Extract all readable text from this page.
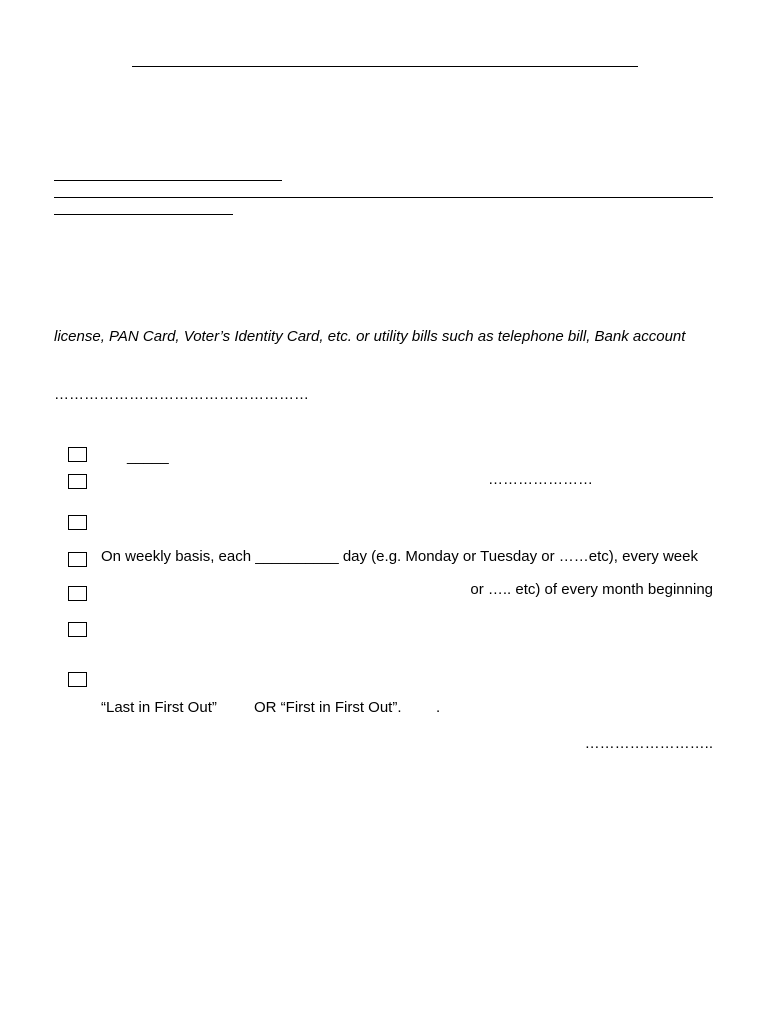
license, PAN Card, Voter’s Identity Card, etc. or utility bills such as telephone bill, Bank account
……………………………………………
_____
…………………
On weekly basis, each __________ day (e.g. Monday or Tuesday or ……etc), every week
or ….. etc) of every month beginning
“Last in First Out” OR “First in First Out”. .
……………………..
